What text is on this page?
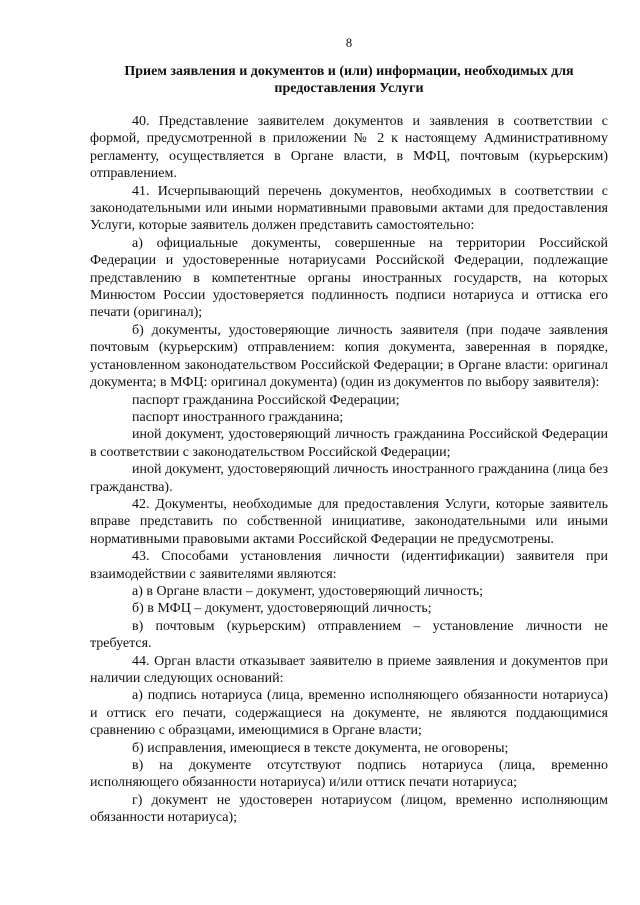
8
Прием заявления и документов и (или) информации, необходимых для предоставления Услуги

40. Представление заявителем документов и заявления в соответствии с формой, предусмотренной в приложении № 2 к настоящему Административному регламенту, осуществляется в Органе власти, в МФЦ, почтовым (курьерским) отправлением.

41. Исчерпывающий перечень документов, необходимых в соответствии с законодательными или иными нормативными правовыми актами для предоставления Услуги, которые заявитель должен представить самостоятельно:

а) официальные документы, совершенные на территории Российской Федерации и удостоверенные нотариусами Российской Федерации, подлежащие представлению в компетентные органы иностранных государств, на которых Минюстом России удостоверяется подлинность подписи нотариуса и оттиска его печати (оригинал);

б) документы, удостоверяющие личность заявителя (при подаче заявления почтовым (курьерским) отправлением: копия документа, заверенная в порядке, установленном законодательством Российской Федерации; в Органе власти: оригинал документа; в МФЦ: оригинал документа) (один из документов по выбору заявителя):

паспорт гражданина Российской Федерации;

паспорт иностранного гражданина;

иной документ, удостоверяющий личность гражданина Российской Федерации в соответствии с законодательством Российской Федерации;

иной документ, удостоверяющий личность иностранного гражданина (лица без гражданства).

42. Документы, необходимые для предоставления Услуги, которые заявитель вправе представить по собственной инициативе, законодательными или иными нормативными правовыми актами Российской Федерации не предусмотрены.

43. Способами установления личности (идентификации) заявителя при взаимодействии с заявителями являются:

а) в Органе власти – документ, удостоверяющий личность;

б) в МФЦ – документ, удостоверяющий личность;

в) почтовым (курьерским) отправлением – установление личности не требуется.

44. Орган власти отказывает заявителю в приеме заявления и документов при наличии следующих оснований:

а) подпись нотариуса (лица, временно исполняющего обязанности нотариуса) и оттиск его печати, содержащиеся на документе, не являются поддающимися сравнению с образцами, имеющимися в Органе власти;

б) исправления, имеющиеся в тексте документа, не оговорены;

в) на документе отсутствуют подпись нотариуса (лица, временно исполняющего обязанности нотариуса) и/или оттиск печати нотариуса;

г) документ не удостоверен нотариусом (лицом, временно исполняющим обязанности нотариуса);
